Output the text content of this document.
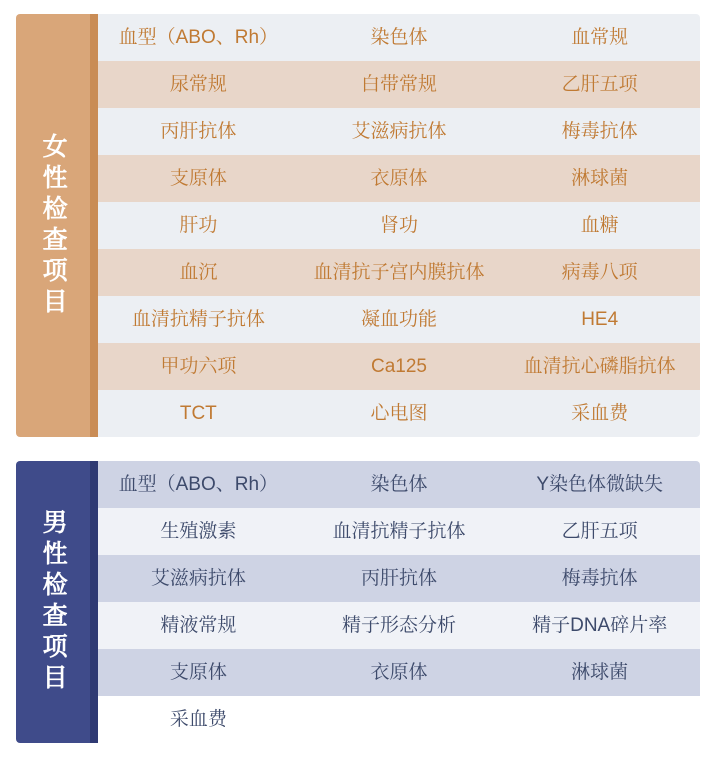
女性检查项目
血型（ABO、Rh）	染色体	血常规
尿常规	白带常规	乙肝五项
丙肝抗体	艾滋病抗体	梅毒抗体
支原体	衣原体	淋球菌
肝功	肾功	血糖
血沉	血清抗子宫内膜抗体	病毒八项
血清抗精子抗体	凝血功能	HE4
甲功六项	Ca125	血清抗心磷脂抗体
TCT	心电图	采血费
男性检查项目
血型（ABO、Rh）	染色体	Y染色体微缺失
生殖激素	血清抗精子抗体	乙肝五项
艾滋病抗体	丙肝抗体	梅毒抗体
精液常规	精子形态分析	精子DNA碎片率
支原体	衣原体	淋球菌
采血费
